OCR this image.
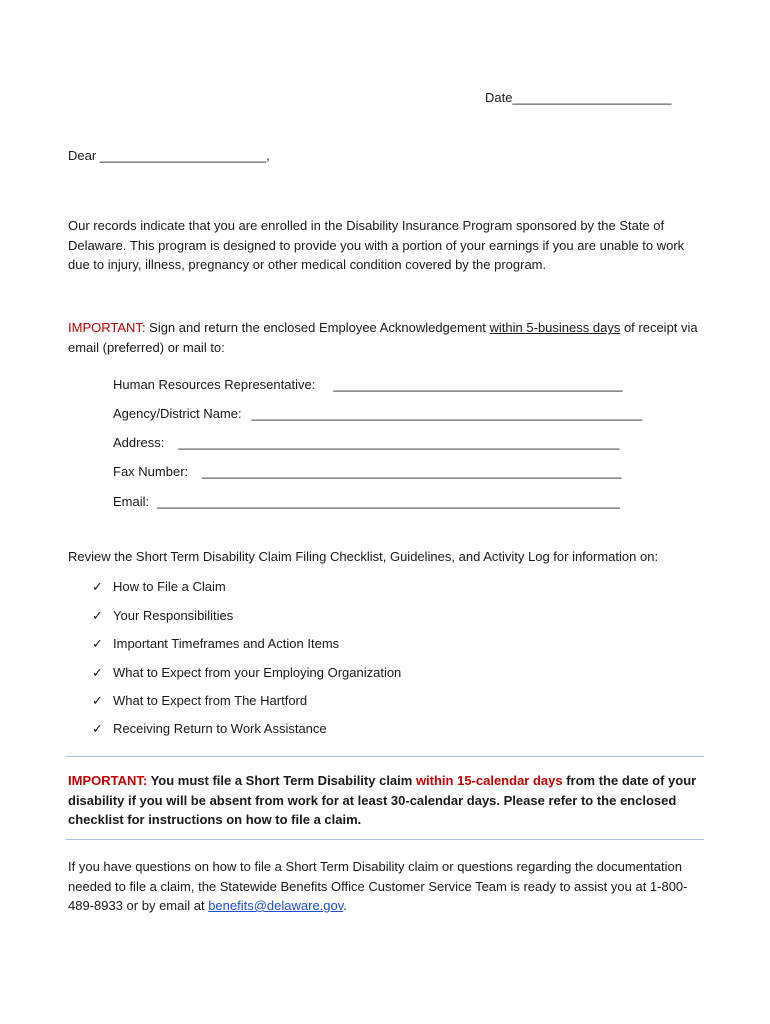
Date______________________
Dear _______________________,
Our records indicate that you are enrolled in the Disability Insurance Program sponsored by the State of Delaware. This program is designed to provide you with a portion of your earnings if you are unable to work due to injury, illness, pregnancy or other medical condition covered by the program.
IMPORTANT: Sign and return the enclosed Employee Acknowledgement within 5-business days of receipt via email (preferred) or mail to:
Human Resources Representative: ________________________________________
Agency/District Name: ______________________________________________________
Address: _____________________________________________________________
Fax Number: __________________________________________________________
Email: ________________________________________________________________
Review the Short Term Disability Claim Filing Checklist, Guidelines, and Activity Log for information on:
✓ How to File a Claim
✓ Your Responsibilities
✓ Important Timeframes and Action Items
✓ What to Expect from your Employing Organization
✓ What to Expect from The Hartford
✓ Receiving Return to Work Assistance
IMPORTANT: You must file a Short Term Disability claim within 15-calendar days from the date of your disability if you will be absent from work for at least 30-calendar days. Please refer to the enclosed checklist for instructions on how to file a claim.
If you have questions on how to file a Short Term Disability claim or questions regarding the documentation needed to file a claim, the Statewide Benefits Office Customer Service Team is ready to assist you at 1-800-489-8933 or by email at benefits@delaware.gov.
